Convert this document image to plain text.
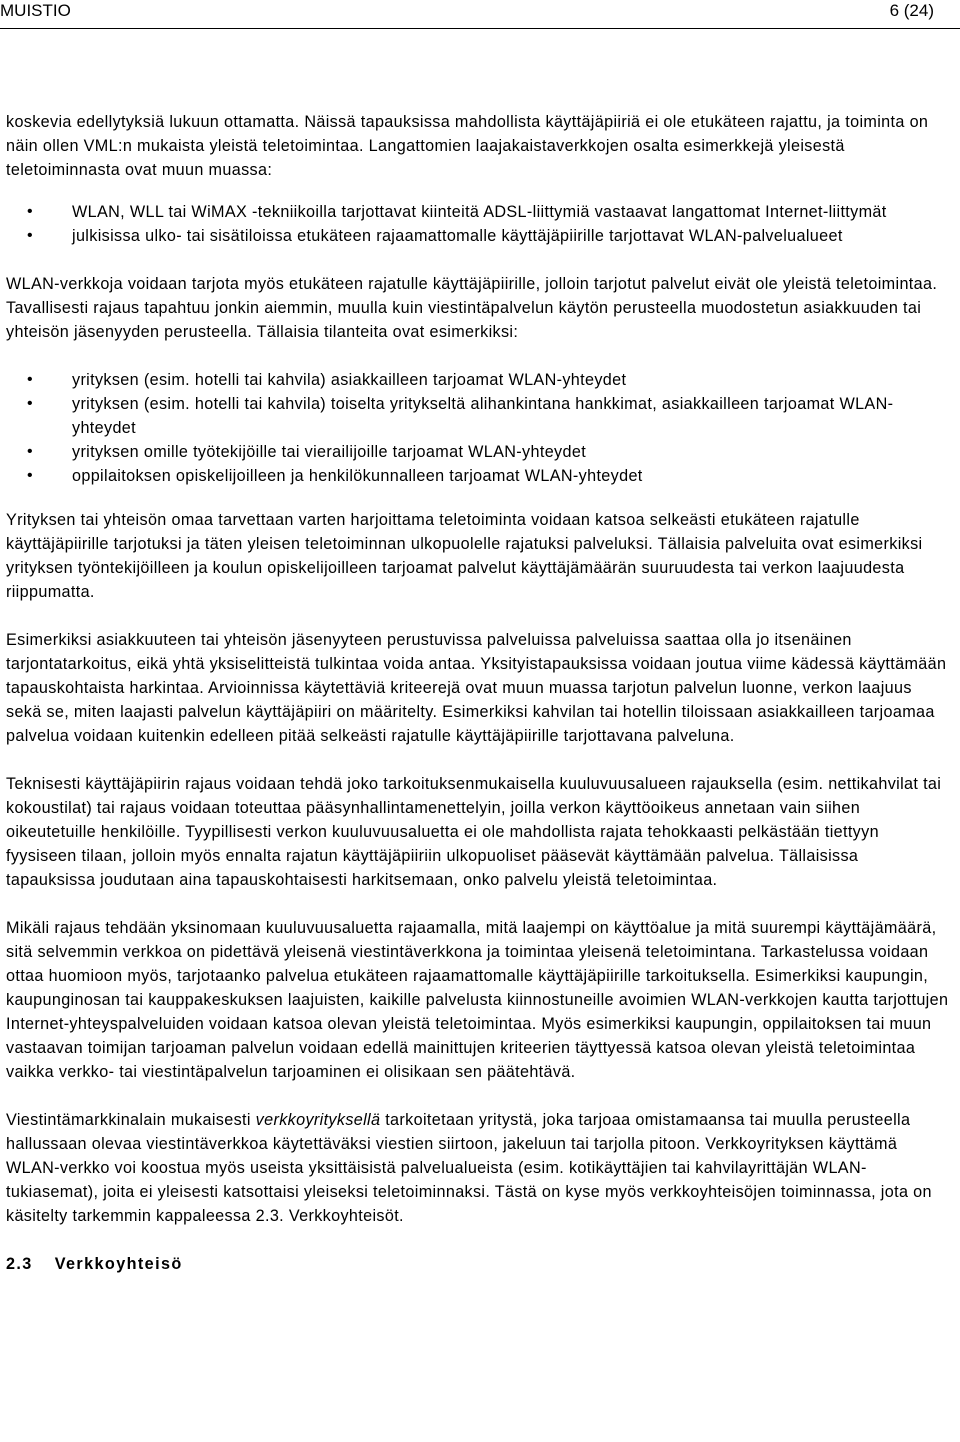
MUISTIO	6 (24)

koskevia edellytyksiä lukuun ottamatta. Näissä tapauksissa mahdollista käyttäjäpiiriä ei ole etukäteen rajattu, ja toiminta on näin ollen VML:n mukaista yleistä teletoimintaa. Langattomien laajakaistaverkkojen osalta esimerkkejä yleisestä teletoiminnasta ovat muun muassa:

• WLAN, WLL tai WiMAX -tekniikoilla tarjottavat kiinteitä ADSL-liittymiä vastaavat langattomat Internet-liittymät
• julkisissa ulko- tai sisätiloissa etukäteen rajaamattomalle käyttäjäpiirille tarjottavat WLAN-palvelualueet

WLAN-verkkoja voidaan tarjota myös etukäteen rajatulle käyttäjäpiirille, jolloin tarjotut palvelut eivät ole yleistä teletoimintaa. Tavallisesti rajaus tapahtuu jonkin aiemmin, muulla kuin viestintäpalvelun käytön perusteella muodostetun asiakkuuden tai yhteisön jäsenyyden perusteella. Tällaisia tilanteita ovat esimerkiksi:

• yrityksen (esim. hotelli tai kahvila) asiakkailleen tarjoamat WLAN-yhteydet
• yrityksen (esim. hotelli tai kahvila) toiselta yritykseltä alihankintana hankkimat, asiakkailleen tarjoamat WLAN-yhteydet
• yrityksen omille työtekijöille tai vierailijoille tarjoamat WLAN-yhteydet
• oppilaitoksen opiskelijoilleen ja henkilökunnalleen tarjoamat WLAN-yhteydet

Yrityksen tai yhteisön omaa tarvettaan varten harjoittama teletoiminta voidaan katsoa selkeästi etukäteen rajatulle käyttäjäpiirille tarjotuksi ja täten yleisen teletoiminnan ulkopuolelle rajatuksi palveluksi. Tällaisia palveluita ovat esimerkiksi yrityksen työntekijöilleen ja koulun opiskelijoilleen tarjoamat palvelut käyttäjämäärän suuruudesta tai verkon laajuudesta riippumatta.

Esimerkiksi asiakkuuteen tai yhteisön jäsenyyteen perustuvissa palveluissa palveluissa saattaa olla jo itsenäinen tarjontatarkoitus, eikä yhtä yksiselitteistä tulkintaa voida antaa. Yksityistapauksissa voidaan joutua viime kädessä käyttämään tapauskohtaista harkintaa. Arvioinnissa käytettäviä kriteerejä ovat muun muassa tarjotun palvelun luonne, verkon laajuus sekä se, miten laajasti palvelun käyttäjäpiiri on määritelty. Esimerkiksi kahvilan tai hotellin tiloissaan asiakkailleen tarjoamaa palvelua voidaan kuitenkin edelleen pitää selkeästi rajatulle käyttäjäpiirille tarjottavana palveluna.

Teknisesti käyttäjäpiirin rajaus voidaan tehdä joko tarkoituksenmukaisella kuuluvuusalueen rajauksella (esim. nettikahvilat tai kokoustilat) tai rajaus voidaan toteuttaa pääsynhallintamenettelyin, joilla verkon käyttöoikeus annetaan vain siihen oikeutetuille henkilöille. Tyypillisesti verkon kuuluvuusaluetta ei ole mahdollista rajata tehokkaasti pelkästään tiettyyn fyysiseen tilaan, jolloin myös ennalta rajatun käyttäjäpiiriin ulkopuoliset pääsevät käyttämään palvelua. Tällaisissa tapauksissa joudutaan aina tapauskohtaisesti harkitsemaan, onko palvelu yleistä teletoimintaa.

Mikäli rajaus tehdään yksinomaan kuuluvuusaluetta rajaamalla, mitä laajempi on käyttöalue ja mitä suurempi käyttäjämäärä, sitä selvemmin verkkoa on pidettävä yleisenä viestintäverkkona ja toimintaa yleisenä teletoimintana. Tarkastelussa voidaan ottaa huomioon myös, tarjotaanko palvelua etukäteen rajaamattomalle käyttäjäpiirille tarkoituksella. Esimerkiksi kaupungin, kaupunginosan tai kauppakeskuksen laajuisten, kaikille palvelusta kiinnostuneille avoimien WLAN-verkkojen kautta tarjottujen Internet-yhteyspalveluiden voidaan katsoa olevan yleistä teletoimintaa. Myös esimerkiksi kaupungin, oppilaitoksen tai muun vastaavan toimijan tarjoaman palvelun voidaan edellä mainittujen kriteerien täyttyessä katsoa olevan yleistä teletoimintaa vaikka verkko- tai viestintäpalvelun tarjoaminen ei olisikaan sen päätehtävä.

Viestintämarkkinalain mukaisesti verkkoyrityksellä tarkoitetaan yritystä, joka tarjoaa omistamaansa tai muulla perusteella hallussaan olevaa viestintäverkkoa käytettäväksi viestien siirtoon, jakeluun tai tarjolla pitoon. Verkkoyrityksen käyttämä WLAN-verkko voi koostua myös useista yksittäisistä palvelualueista (esim. kotikäyttäjien tai kahvilayrittäjän WLAN-tukiasemat), joita ei yleisesti katsottaisi yleiseksi teletoiminnaksi. Tästä on kyse myös verkkoyhteisöjen toiminnassa, jota on käsitelty tarkemmin kappaleessa 2.3. Verkkoyhteisöt.

2.3 Verkkoyhteisö
